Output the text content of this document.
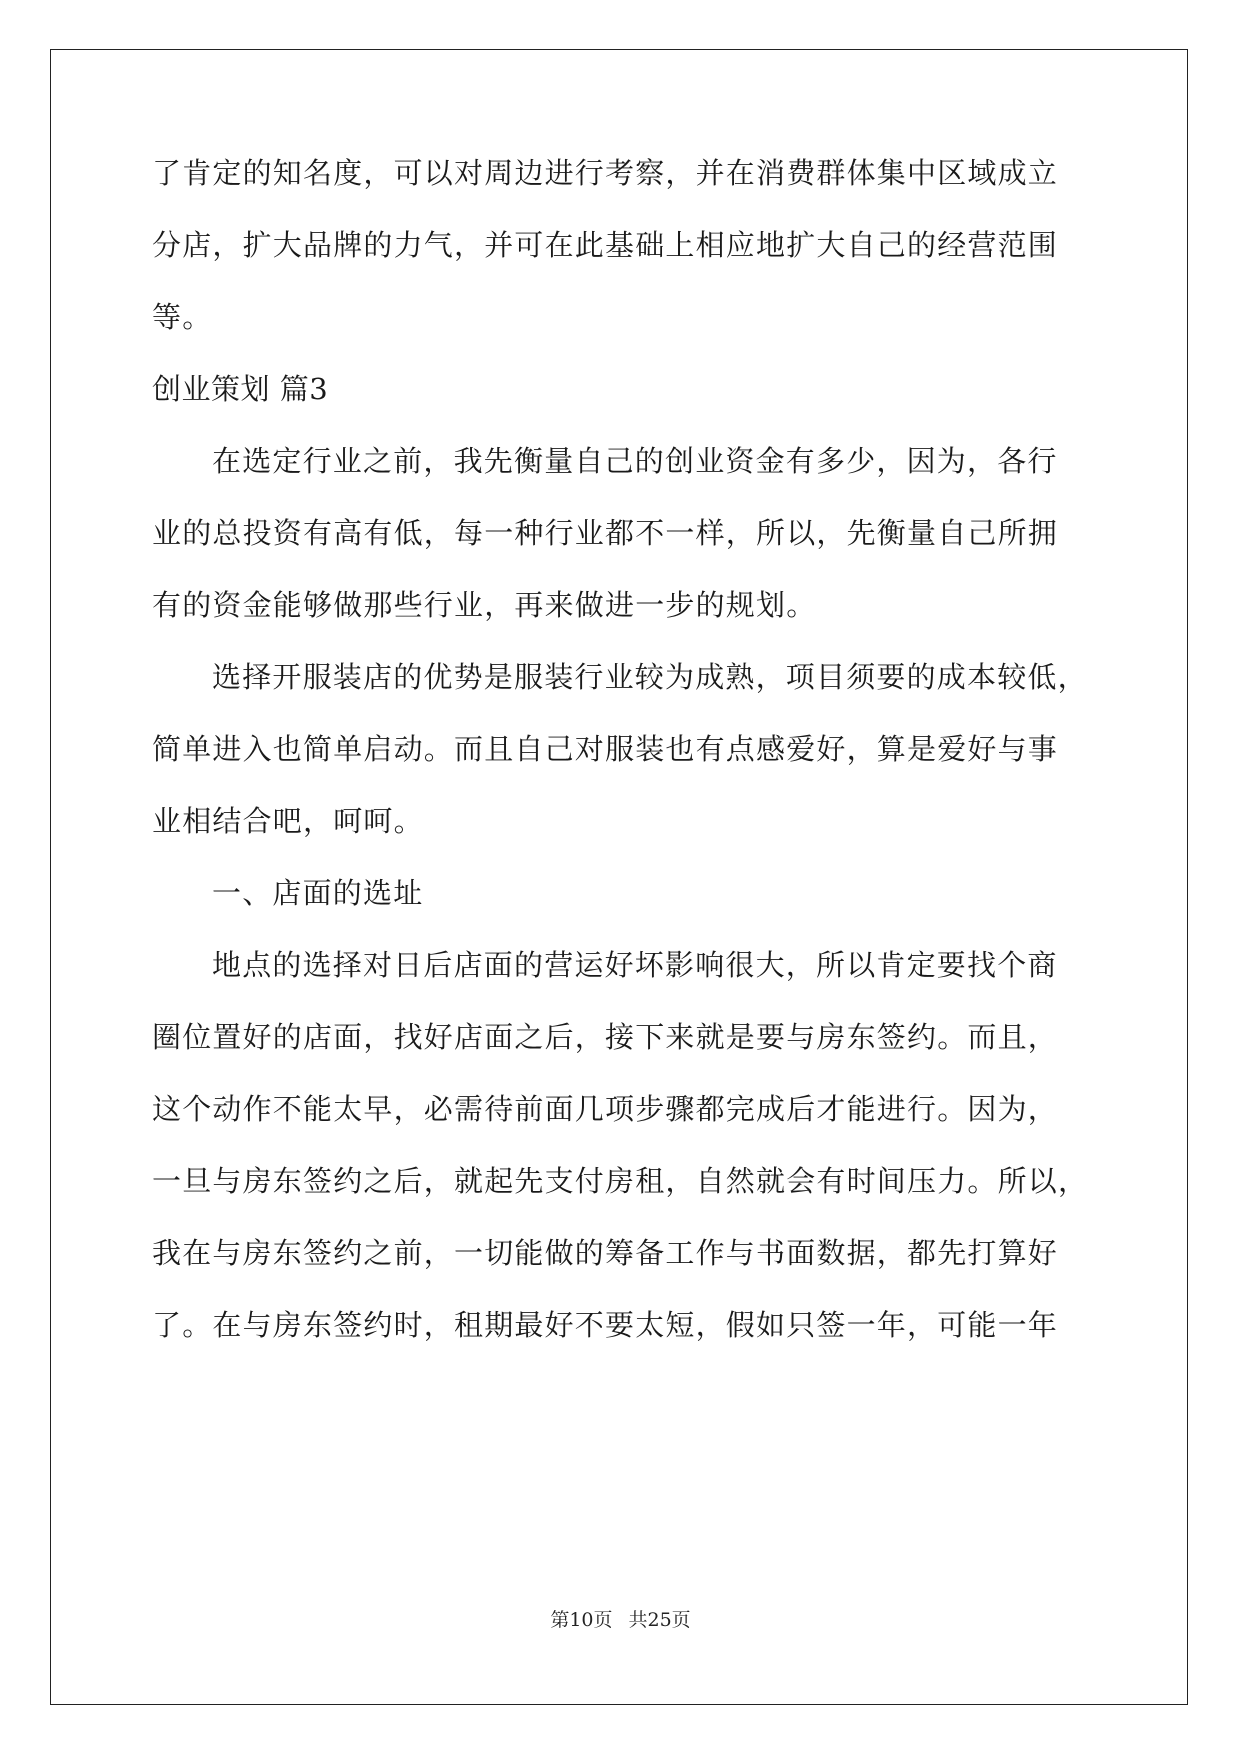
了肯定的知名度，可以对周边进行考察，并在消费群体集中区域成立
分店，扩大品牌的力气，并可在此基础上相应地扩大自己的经营范围
等。
创业策划 篇3
在选定行业之前，我先衡量自己的创业资金有多少，因为，各行
业的总投资有高有低，每一种行业都不一样，所以，先衡量自己所拥
有的资金能够做那些行业，再来做进一步的规划。
选择开服装店的优势是服装行业较为成熟，项目须要的成本较低，
简单进入也简单启动。而且自己对服装也有点感爱好，算是爱好与事
业相结合吧，呵呵。
一、店面的选址
地点的选择对日后店面的营运好坏影响很大，所以肯定要找个商
圈位置好的店面，找好店面之后，接下来就是要与房东签约。而且，
这个动作不能太早，必需待前面几项步骤都完成后才能进行。因为，
一旦与房东签约之后，就起先支付房租，自然就会有时间压力。所以，
我在与房东签约之前，一切能做的筹备工作与书面数据，都先打算好
了。在与房东签约时，租期最好不要太短，假如只签一年，可能一年
第10页 共25页
